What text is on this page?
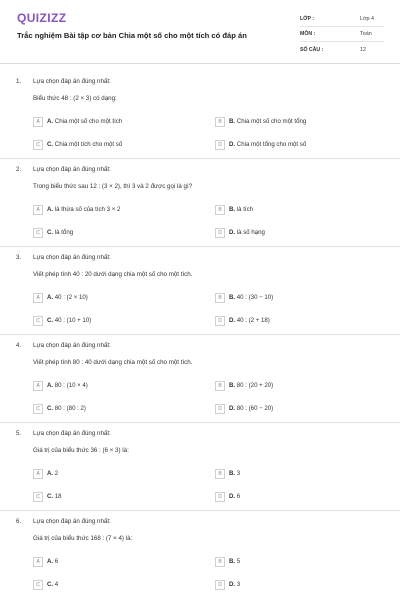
QUIZIZZ
Trắc nghiệm Bài tập cơ bản Chia một số cho một tích có đáp án
LỚP :	Lớp 4
MÔN :	Toán
SỐ CÂU :	12
1. Lựa chọn đáp án đúng nhất:
Biểu thức 48 : (2 × 3) có dạng:
A	A. Chia một số cho một tích	B	B. Chia một số cho một tổng
C	C. Chia một tích cho một số	D	D. Chia một tổng cho một số
2. Lựa chọn đáp án đúng nhất:
Trong biểu thức sau 12 : (3 × 2), thì 3 và 2 được gọi là gì?
A	A. là thừa số của tích 3 × 2	B	B. là tích
C	C. là tổng	D	D. là số hạng
3. Lựa chọn đáp án đúng nhất:
Viết phép tính 40 : 20 dưới dạng chia một số cho một tích.
A	A. 40 : (2 × 10)	B	B. 40 : (30 − 10)
C	C. 40 : (10 + 10)	D	D. 40 : (2 + 18)
4. Lựa chọn đáp án đúng nhất:
Viết phép tính 80 : 40 dưới dạng chia một số cho một tích.
A	A. 80 : (10 × 4)	B	B. 80 : (20 + 20)
C	C. 80 : (80 : 2)	D	D. 80 : (60 − 20)
5. Lựa chọn đáp án đúng nhất:
Giá trị của biểu thức 36 : (6 × 3) là:
A	A. 2	B	B. 3
C	C. 18	D	D. 6
6. Lựa chọn đáp án đúng nhất:
Giá trị của biểu thức 168 : (7 × 4) là:
A	A. 6	B	B. 5
C	C. 4	D	D. 3
